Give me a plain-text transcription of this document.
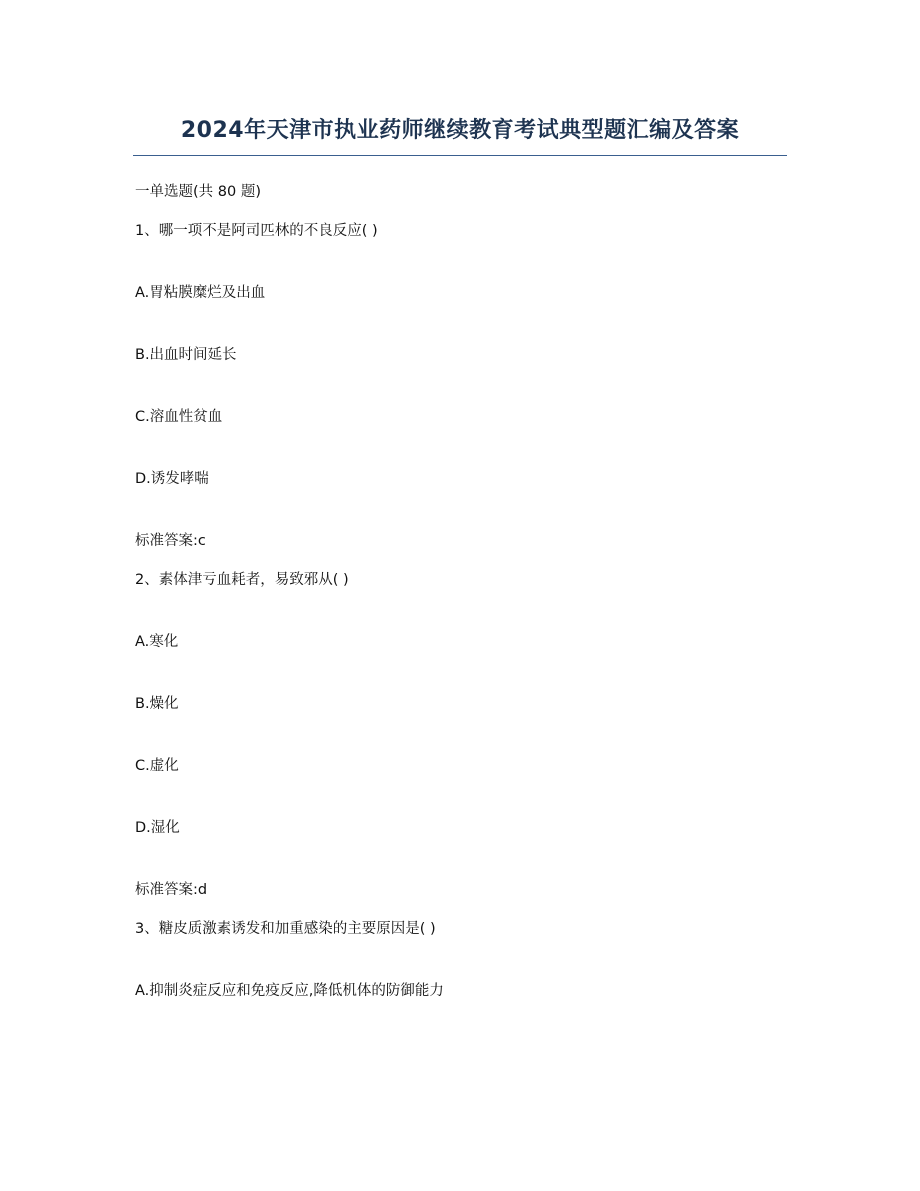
2024年天津市执业药师继续教育考试典型题汇编及答案
一单选题(共 80 题)
1、哪一项不是阿司匹林的不良反应( )
A.胃粘膜糜烂及出血
B.出血时间延长
C.溶血性贫血
D.诱发哮喘
标准答案:c
2、素体津亏血耗者，易致邪从( )
A.寒化
B.燥化
C.虚化
D.湿化
标准答案:d
3、糖皮质激素诱发和加重感染的主要原因是( )
A.抑制炎症反应和免疫反应,降低机体的防御能力
